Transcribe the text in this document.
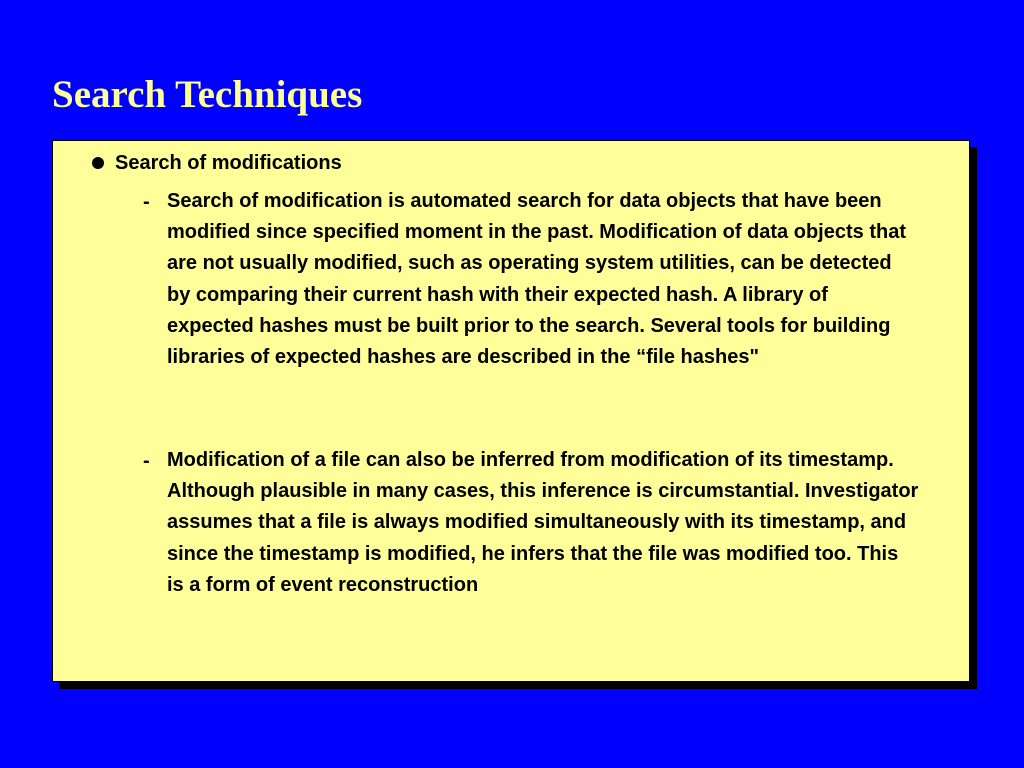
Search Techniques

Search of modifications

- Search of modification is automated search for data objects that have been modified since specified moment in the past. Modification of data objects that are not usually modified, such as operating system utilities, can be detected by comparing their current hash with their expected hash. A library of expected hashes must be built prior to the search. Several tools for building libraries of expected hashes are described in the “file hashes"

- Modification of a file can also be inferred from modification of its timestamp. Although plausible in many cases, this inference is circumstantial. Investigator assumes that a file is always modified simultaneously with its timestamp, and since the timestamp is modified, he infers that the file was modified too. This is a form of event reconstruction
